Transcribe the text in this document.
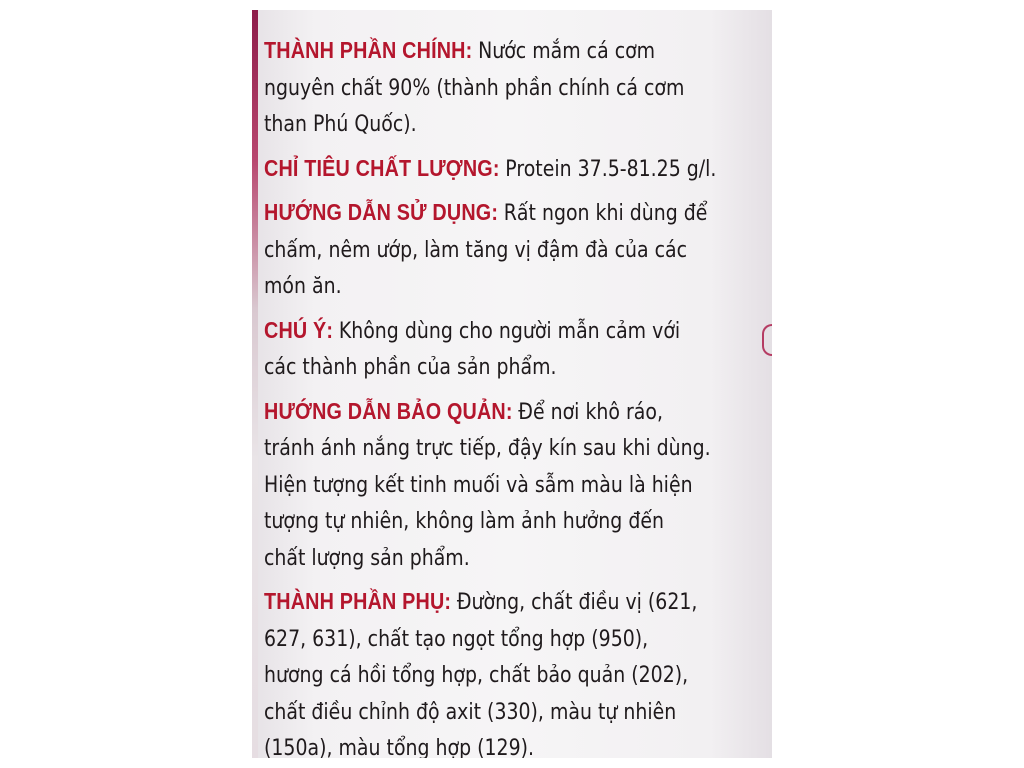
THÀNH PHẦN CHÍNH: Nước mắm cá cơm
nguyên chất 90% (thành phần chính cá cơm
than Phú Quốc).
CHỈ TIÊU CHẤT LƯỢNG: Protein 37.5-81.25 g/l.
HƯỚNG DẪN SỬ DỤNG: Rất ngon khi dùng để
chấm, nêm ướp, làm tăng vị đậm đà của các
món ăn.
CHÚ Ý: Không dùng cho người mẫn cảm với
các thành phần của sản phẩm.
HƯỚNG DẪN BẢO QUẢN: Để nơi khô ráo,
tránh ánh nắng trực tiếp, đậy kín sau khi dùng.
Hiện tượng kết tinh muối và sẫm màu là hiện
tượng tự nhiên, không làm ảnh hưởng đến
chất lượng sản phẩm.
THÀNH PHẦN PHỤ: Đường, chất điều vị (621,
627, 631), chất tạo ngọt tổng hợp (950),
hương cá hồi tổng hợp, chất bảo quản (202),
chất điều chỉnh độ axit (330), màu tự nhiên
(150a), màu tổng hợp (129).
